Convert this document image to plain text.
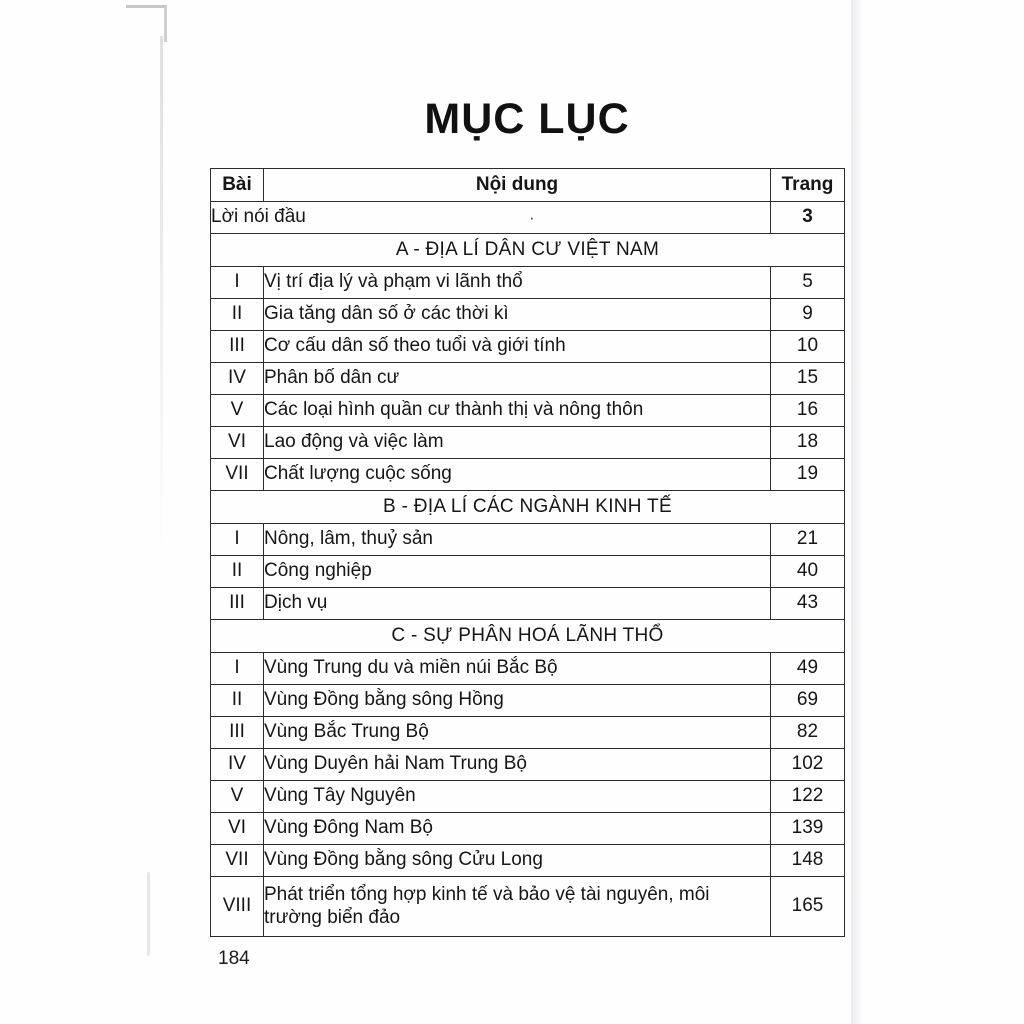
MỤC LỤC
Bài	Nội dung	Trang
Lời nói đầu ·		3
A - ĐỊA LÍ DÂN CƯ VIỆT NAM		
I	Vị trí địa lý và phạm vi lãnh thổ	5
II	Gia tăng dân số ở các thời kì	9
III	Cơ cấu dân số theo tuổi và giới tính	10
IV	Phân bố dân cư	15
V	Các loại hình quần cư thành thị và nông thôn	16
VI	Lao động và việc làm	18
VII	Chất lượng cuộc sống	19
B - ĐỊA LÍ CÁC NGÀNH KINH TẾ		
I	Nông, lâm, thuỷ sản	21
II	Công nghiệp	40
III	Dịch vụ	43
C - SỰ PHÂN HOÁ LÃNH THỔ		
I	Vùng Trung du và miền núi Bắc Bộ	49
II	Vùng Đồng bằng sông Hồng	69
III	Vùng Bắc Trung Bộ	82
IV	Vùng Duyên hải Nam Trung Bộ	102
V	Vùng Tây Nguyên	122
VI	Vùng Đông Nam Bộ	139
VII	Vùng Đồng bằng sông Cửu Long	148
VIII	Phát triển tổng hợp kinh tế và bảo vệ tài nguyên, môi trường biển đảo	165
184
